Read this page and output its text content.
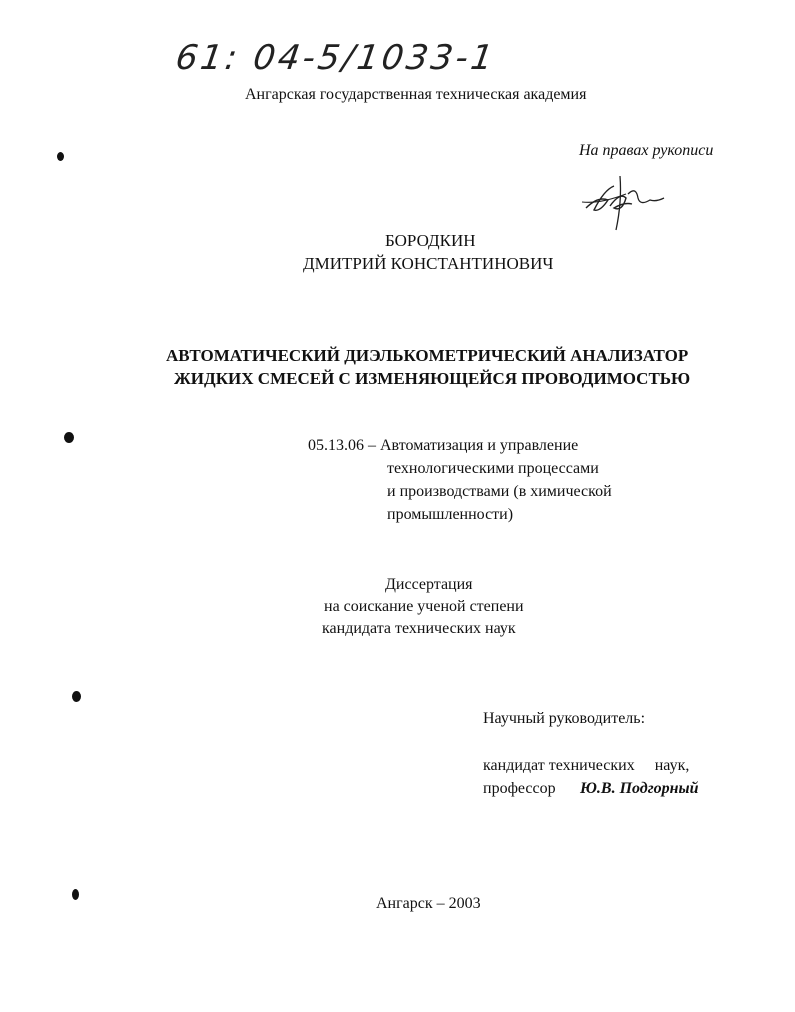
61: 04-5/1033-1
Ангарская государственная техническая академия
На правах рукописи
БОРОДКИН
ДМИТРИЙ КОНСТАНТИНОВИЧ
АВТОМАТИЧЕСКИЙ ДИЭЛЬКОМЕТРИЧЕСКИЙ АНАЛИЗАТОР
ЖИДКИХ СМЕСЕЙ С ИЗМЕНЯЮЩЕЙСЯ ПРОВОДИМОСТЬЮ
05.13.06 – Автоматизация и управление
технологическими процессами
и производствами (в химической
промышленности)
Диссертация
на соискание ученой степени
кандидата технических наук
Научный руководитель:
кандидат технических     наук,
профессор Ю.В. Подгорный
Ангарск – 2003
